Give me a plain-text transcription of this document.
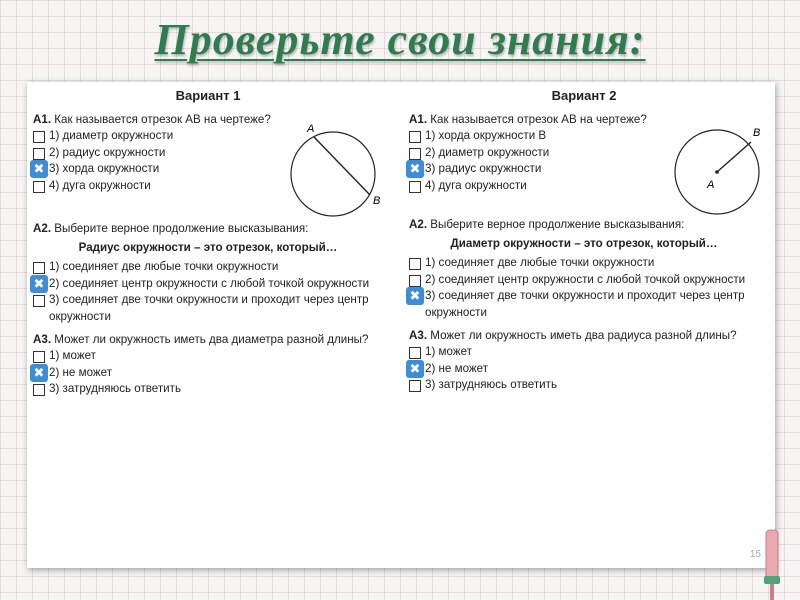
Проверьте свои знания:
Вариант 1
А1. Как называется отрезок AB на чертеже?
1) диаметр окружности
2) радиус окружности
✖
3) хорда окружности
4) дуга окружности
A
B
А2. Выберите верное продолжение высказывания:
Радиус окружности – это отрезок, который…
1) соединяет две любые точки окружности
✖
2) соединяет центр окружности с любой точкой окружности
3) соединяет две точки окружности и проходит через центр окружности
А3. Может ли окружность иметь два диаметра разной длины?
1) может
✖
2) не может
3) затрудняюсь ответить
Вариант 2
А1. Как называется отрезок AB на чертеже?
1) хорда окружности B
2) диаметр окружности
✖
3) радиус окружности
4) дуга окружности	A
B
А2. Выберите верное продолжение высказывания:
Диаметр окружности – это отрезок, который…
1) соединяет две любые точки окружности
2) соединяет центр окружности с любой точкой окружности
✖
3) соединяет две точки окружности и проходит через центр окружности
А3. Может ли окружность иметь два радиуса разной длины?
1) может
✖
2) не может
3) затрудняюсь ответить
15
